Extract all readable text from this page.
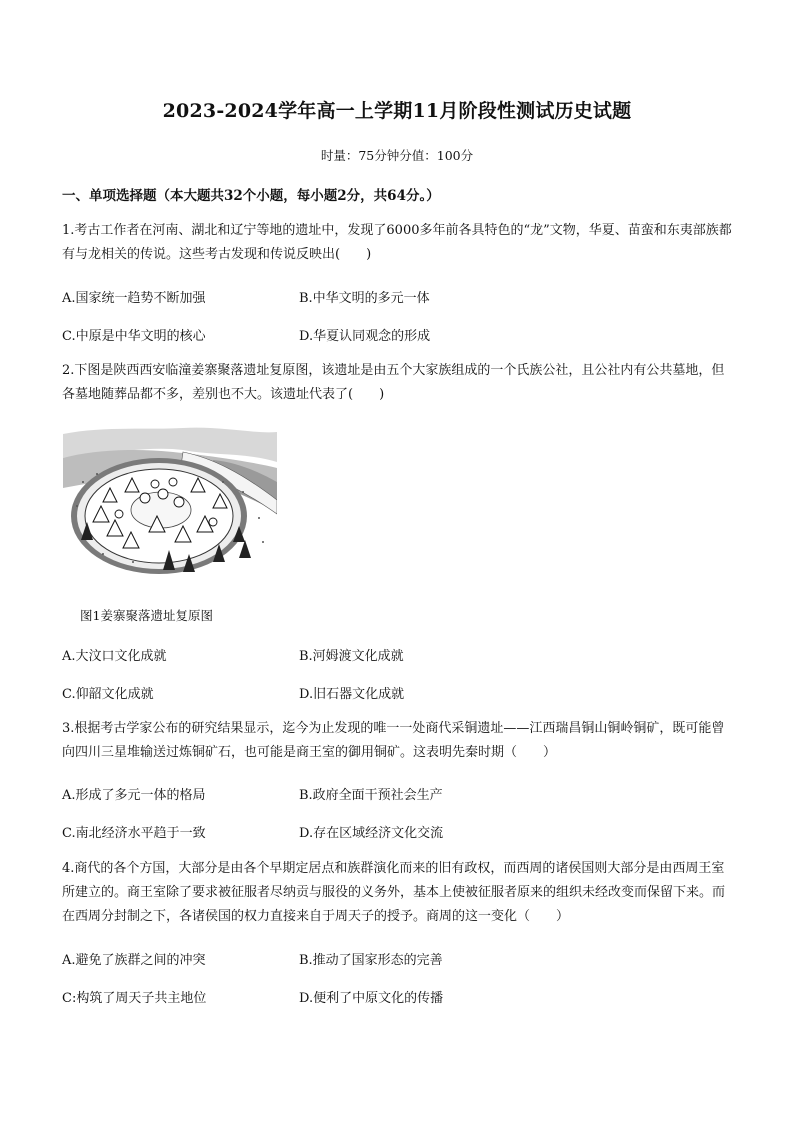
2023-2024学年高一上学期11月阶段性测试历史试题
时量：75分钟分值：100分
一、单项选择题（本大题共32个小题，每小题2分，共64分。）
1.考古工作者在河南、湖北和辽宁等地的遗址中，发现了6000多年前各具特色的“龙”文物，华夏、苗蛮和东夷部族都有与龙相关的传说。这些考古发现和传说反映出(　　)
A.国家统一趋势不断加强	B.中华文明的多元一体
C.中原是中华文明的核心	D.华夏认同观念的形成
2.下图是陕西西安临潼姜寨聚落遗址复原图，该遗址是由五个大家族组成的一个氏族公社，且公社内有公共墓地，但各墓地随葬品都不多，差别也不大。该遗址代表了(　　)
图1姜寨聚落遗址复原图
A.大汶口文化成就	B.河姆渡文化成就
C.仰韶文化成就	D.旧石器文化成就
3.根据考古学家公布的研究结果显示，迄今为止发现的唯一一处商代采铜遗址——江西瑞昌铜山铜岭铜矿，既可能曾向四川三星堆输送过炼铜矿石，也可能是商王室的御用铜矿。这表明先秦时期（　　）
A.形成了多元一体的格局	B.政府全面干预社会生产
C.南北经济水平趋于一致	D.存在区域经济文化交流
4.商代的各个方国，大部分是由各个早期定居点和族群演化而来的旧有政权，而西周的诸侯国则大部分是由西周王室所建立的。商王室除了要求被征服者尽纳贡与服役的义务外，基本上使被征服者原来的组织未经改变而保留下来。而在西周分封制之下，各诸侯国的权力直接来自于周天子的授予。商周的这一变化（　　）
A.避免了族群之间的冲突	B.推动了国家形态的完善
C:构筑了周天子共主地位	D.便利了中原文化的传播
